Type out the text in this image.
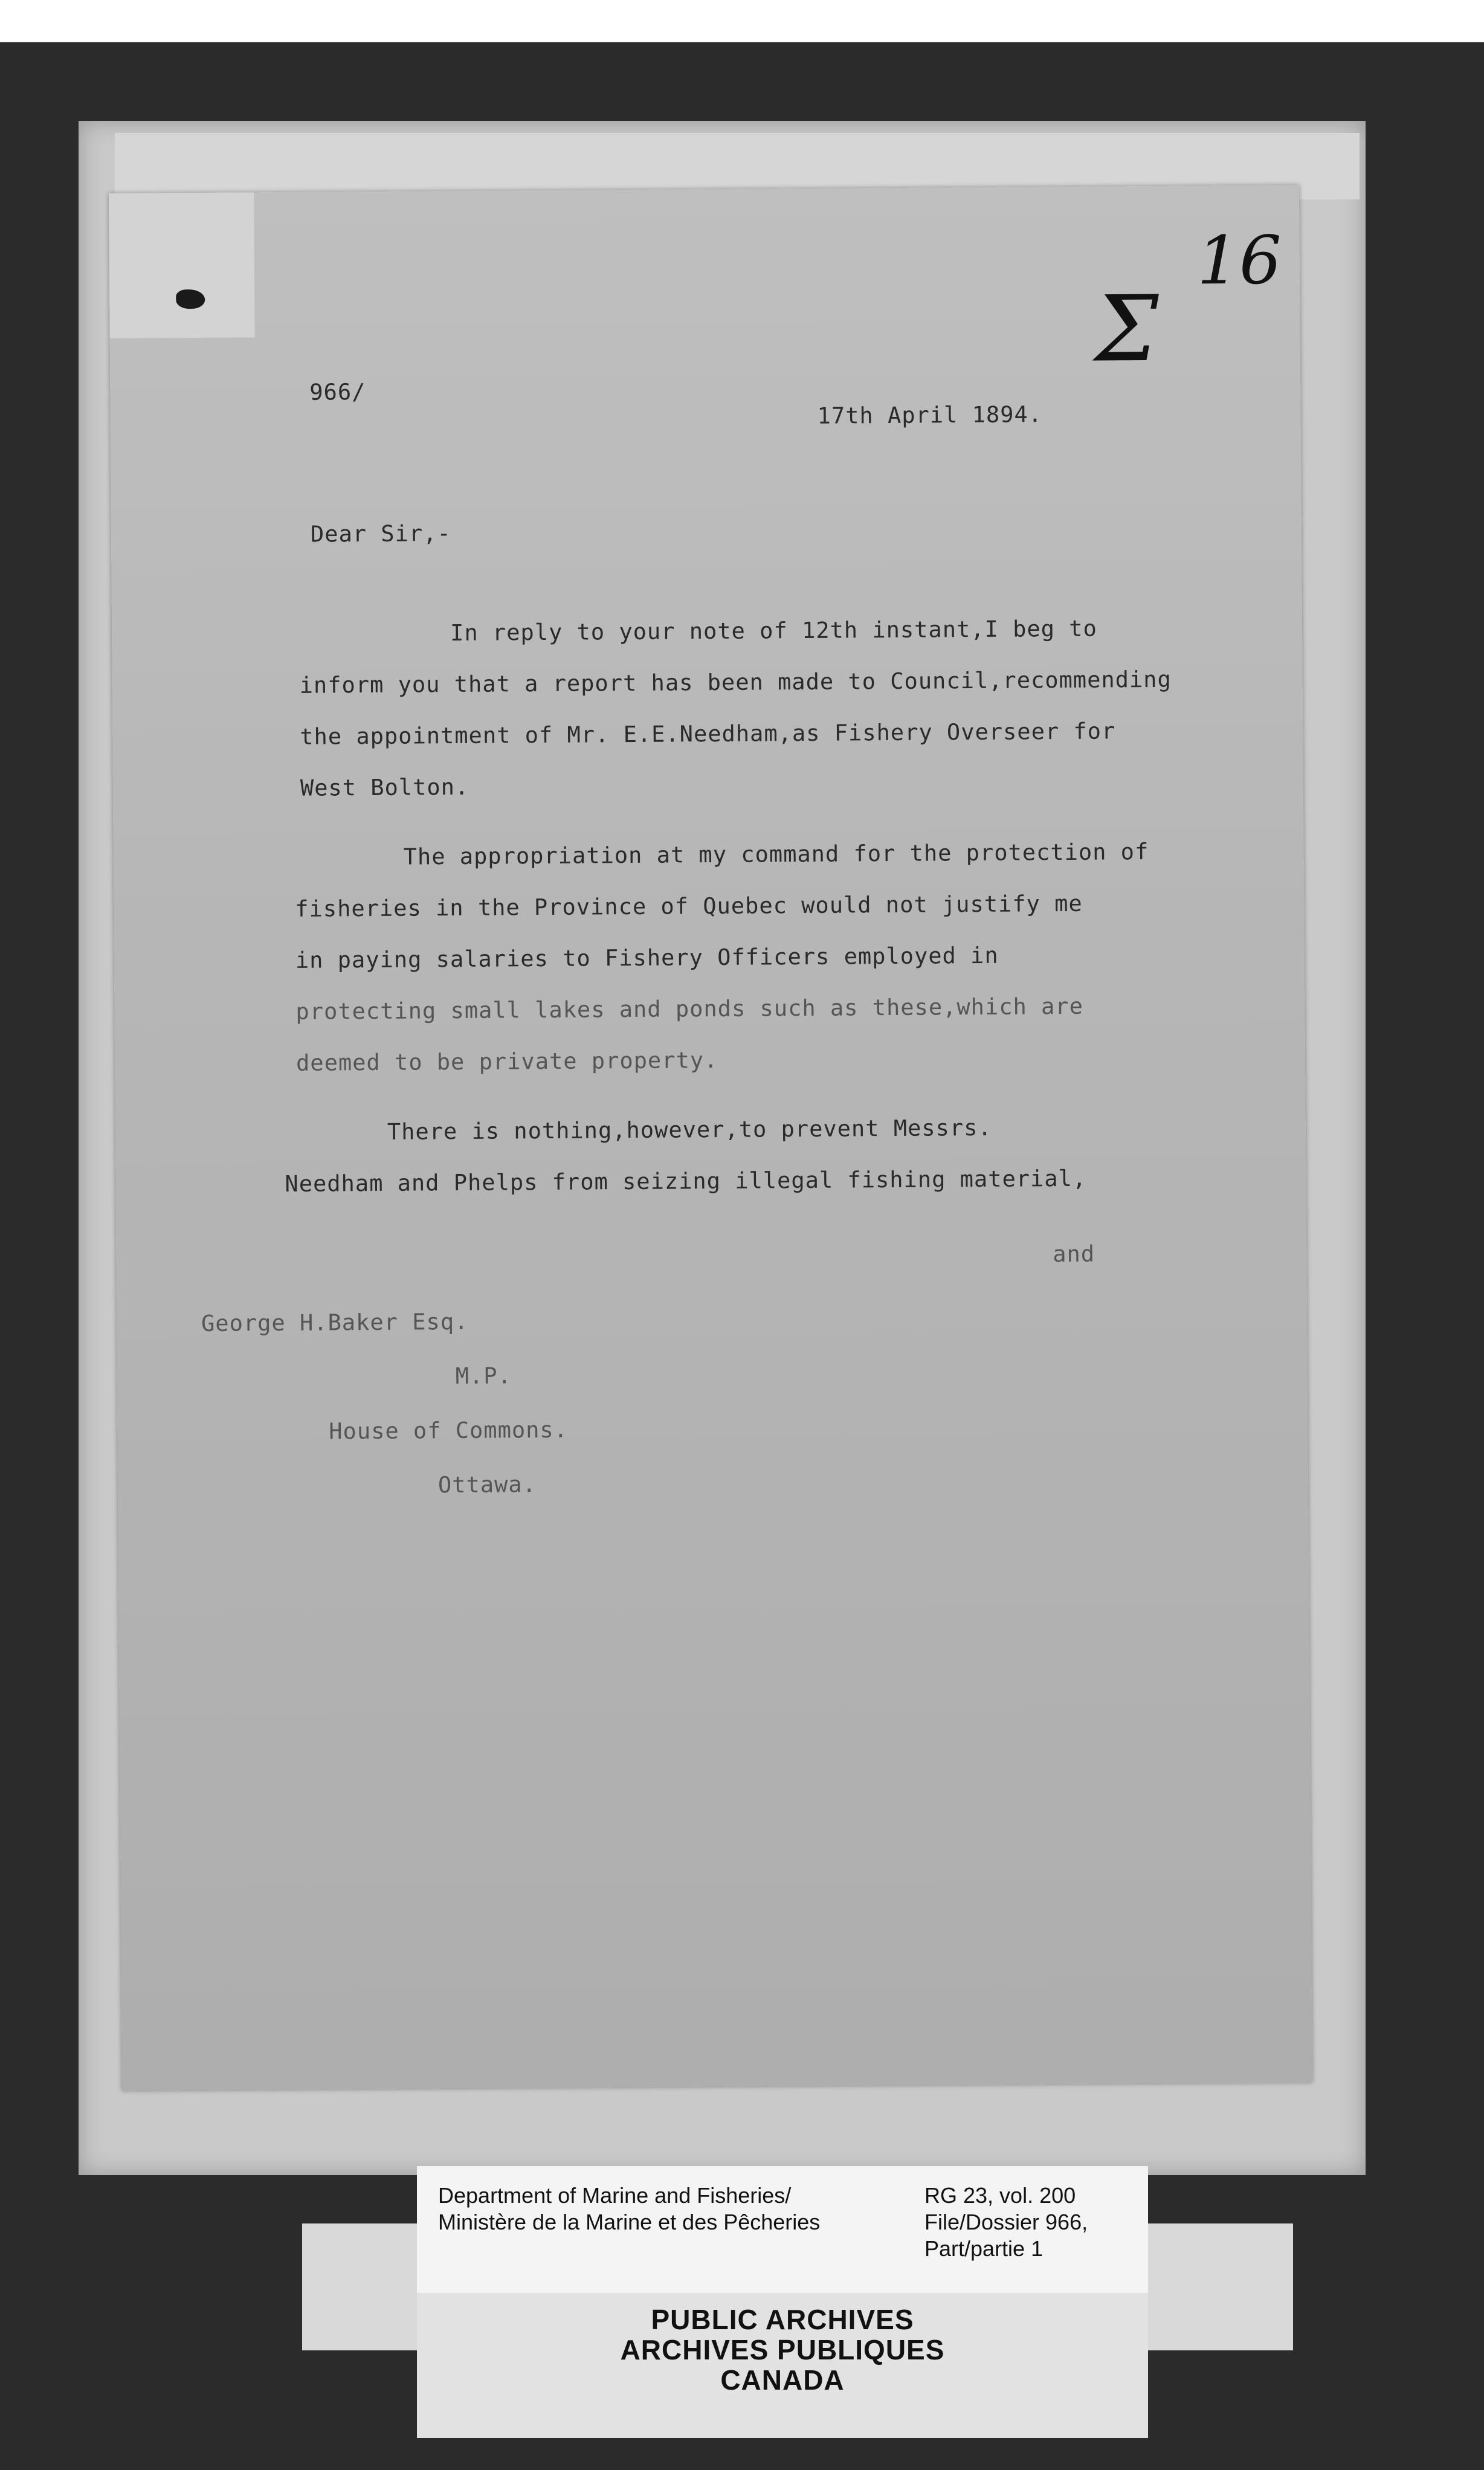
16
Σ
966/
17th April 1894.
Dear Sir,-
In reply to your note of 12th instant,I beg to
inform you that a report has been made to Council,recommending
the appointment of Mr. E.E.Needham,as Fishery Overseer for
West Bolton.
The appropriation at my command for the protection of
fisheries in the Province of Quebec would not justify me
in paying salaries to Fishery Officers employed in
protecting small lakes and ponds such as these,which are
deemed to be private property.
There is nothing,however,to prevent Messrs.
Needham and Phelps from seizing illegal fishing material,
and
George H.Baker Esq.
M.P.
House of Commons.
Ottawa.
Department of Marine and Fisheries/
Ministère de la Marine et des Pêcheries
RG 23, vol. 200
File/Dossier 966,
Part/partie 1
PUBLIC ARCHIVES
ARCHIVES PUBLIQUES
CANADA
